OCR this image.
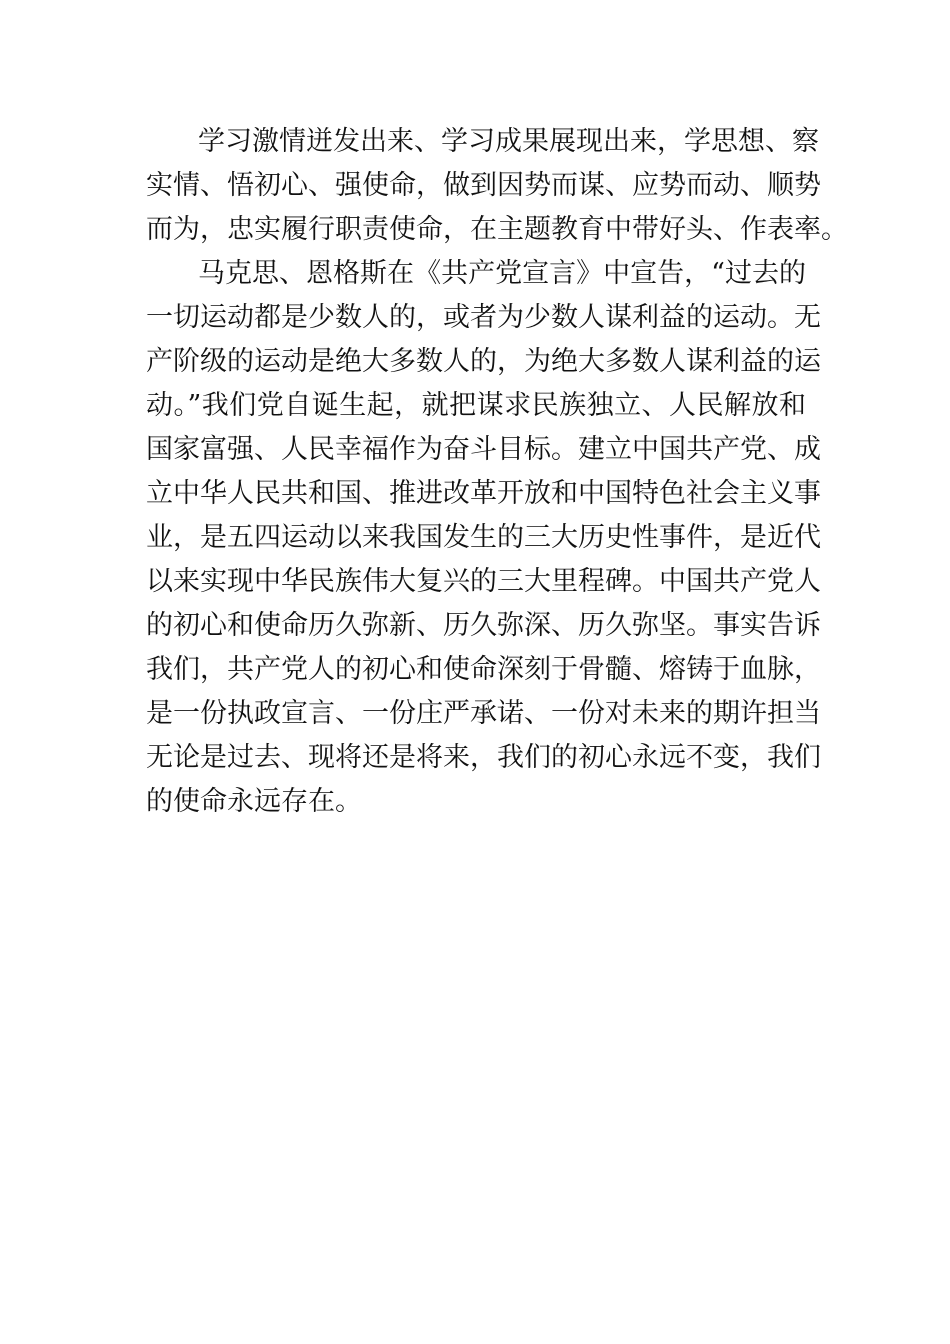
学习激情迸发出来、学习成果展现出来，学思想、察
实情、悟初心、强使命，做到因势而谋、应势而动、顺势
而为，忠实履行职责使命，在主题教育中带好头、作表率。
马克思、恩格斯在《共产党宣言》中宣告，“过去的
一切运动都是少数人的，或者为少数人谋利益的运动。无
产阶级的运动是绝大多数人的，为绝大多数人谋利益的运
动。”我们党自诞生起，就把谋求民族独立、人民解放和
国家富强、人民幸福作为奋斗目标。建立中国共产党、成
立中华人民共和国、推进改革开放和中国特色社会主义事
业，是五四运动以来我国发生的三大历史性事件，是近代
以来实现中华民族伟大复兴的三大里程碑。中国共产党人
的初心和使命历久弥新、历久弥深、历久弥坚。事实告诉
我们，共产党人的初心和使命深刻于骨髓、熔铸于血脉，
是一份执政宣言、一份庄严承诺、一份对未来的期许担当
无论是过去、现将还是将来，我们的初心永远不变，我们
的使命永远存在。
